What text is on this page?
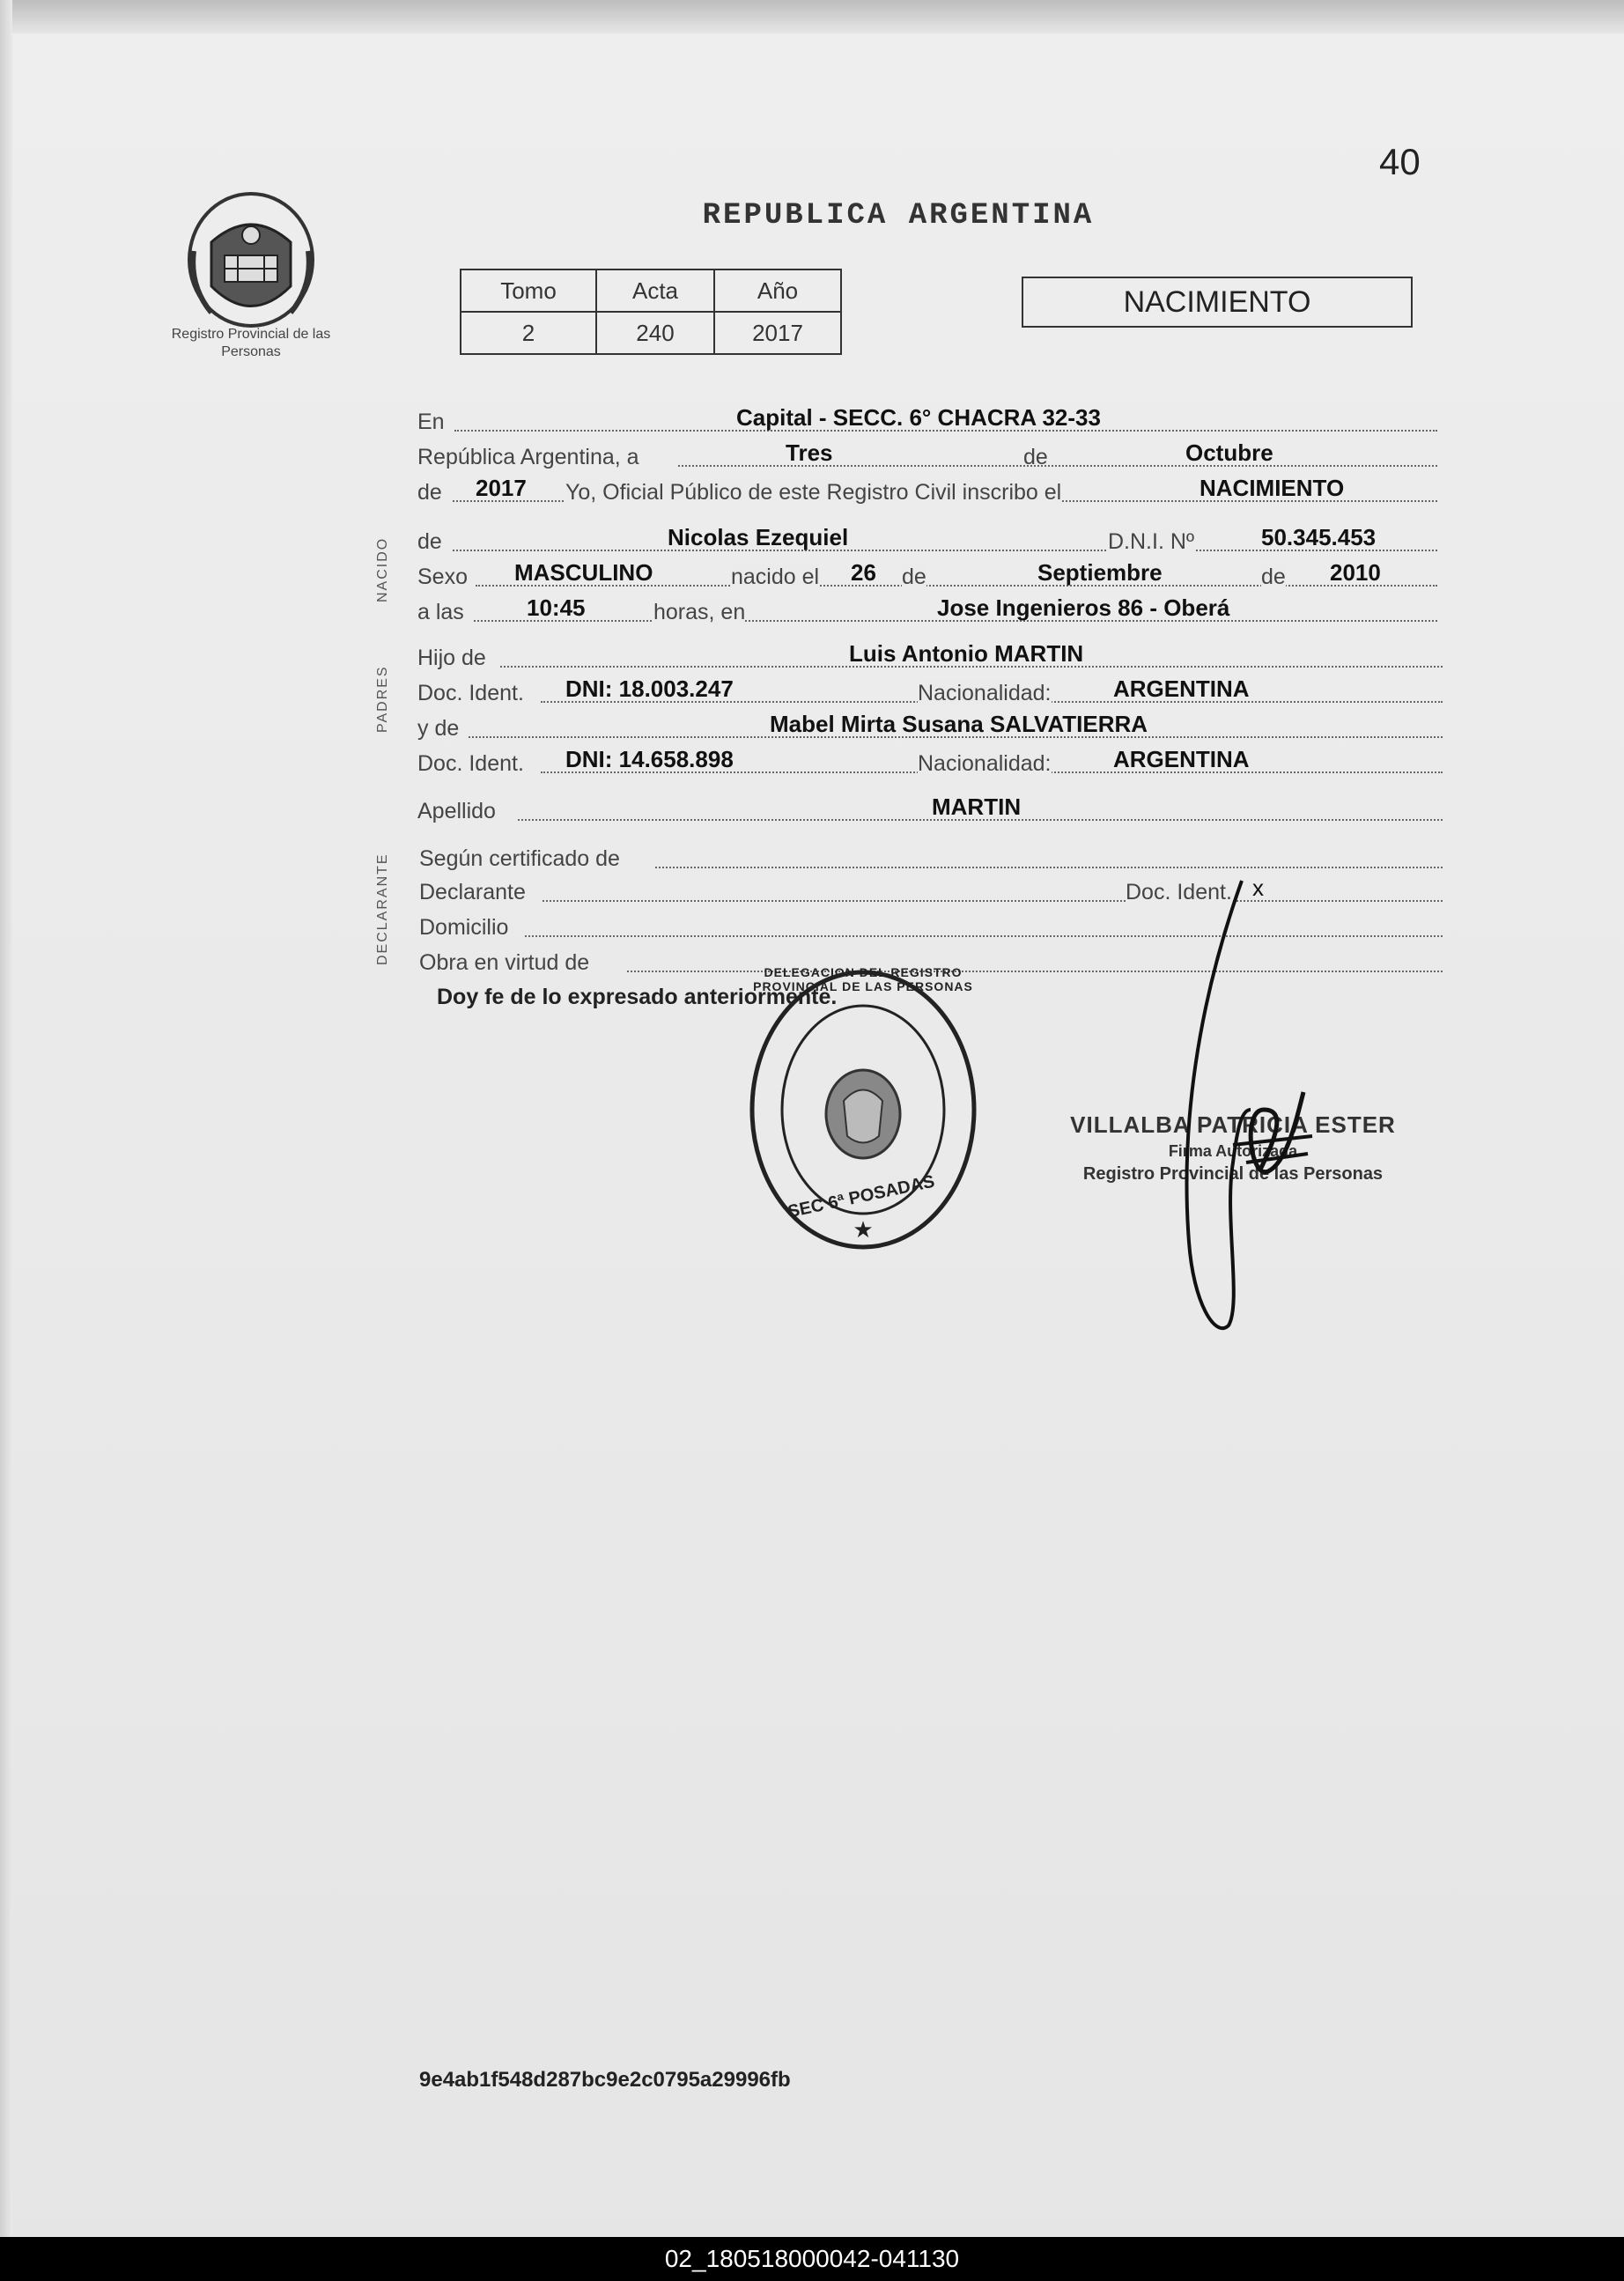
40
Registro Provincial de las Personas
REPUBLICA ARGENTINA
Tomo	Acta	Año
2	240	2017
NACIMIENTO
En	Capital - SECC. 6° CHACRA 32-33
República Argentina, a	Tres	de	Octubre
de 2017 Yo, Oficial Público de este Registro Civil inscribo el	NACIMIENTO
de	Nicolas Ezequiel	D.N.I. Nº	50.345.453
Sexo MASCULINO	nacido el 26 de	Septiembre	de 2010
a las	10:45	horas, en	Jose Ingenieros 86 - Oberá
Hijo de	Luis Antonio MARTIN
Doc. Ident. DNI: 18.003.247	Nacionalidad:	ARGENTINA
y de	Mabel Mirta Susana SALVATIERRA
Doc. Ident. DNI: 14.658.898	Nacionalidad:	ARGENTINA
Apellido	MARTIN
Según certificado de
Declarante	Doc. Ident. x
Domicilio
Obra en virtud de
NACIDO
PADRES
DECLARANTE
Doy fe de lo expresado anteriormente.
★
SEC 6ª POSADAS
DELEGACION DEL REGISTRO PROVINCIAL DE LAS PERSONAS
VILLALBA PATRICIA ESTER
Firma Autorizada
Registro Provincial de las Personas
9e4ab1f548d287bc9e2c0795a29996fb
02_180518000042-041130
